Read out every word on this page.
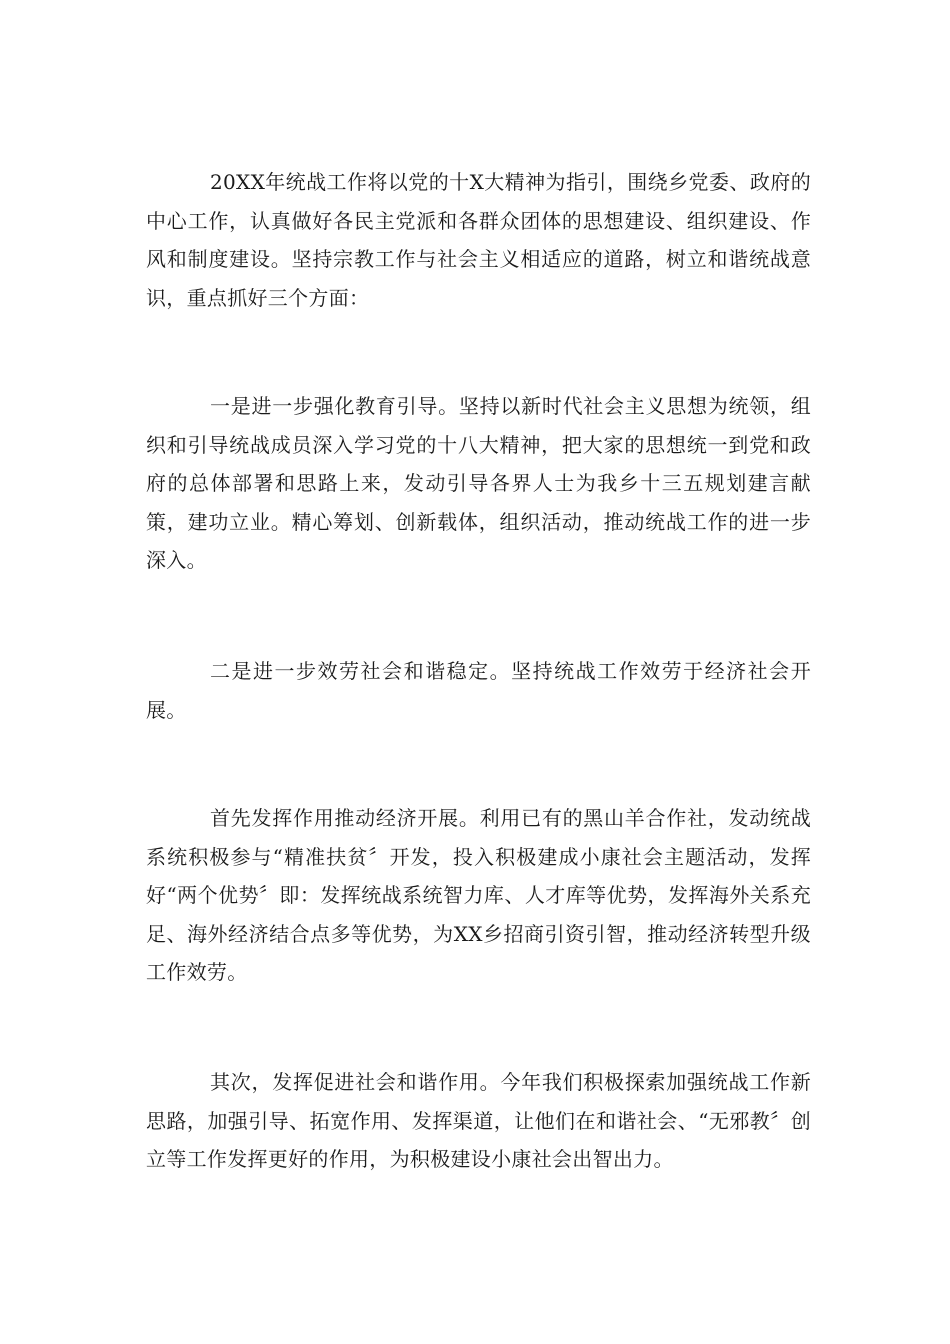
20XX年统战工作将以党的十X大精神为指引，围绕乡党委、政府的中心工作，认真做好各民主党派和各群众团体的思想建设、组织建设、作风和制度建设。坚持宗教工作与社会主义相适应的道路，树立和谐统战意识，重点抓好三个方面：

一是进一步强化教育引导。坚持以新时代社会主义思想为统领，组织和引导统战成员深入学习党的十八大精神，把大家的思想统一到党和政府的总体部署和思路上来，发动引导各界人士为我乡十三五规划建言献策，建功立业。精心筹划、创新载体，组织活动，推动统战工作的进一步深入。

二是进一步效劳社会和谐稳定。坚持统战工作效劳于经济社会开展。

首先发挥作用推动经济开展。利用已有的黑山羊合作社，发动统战系统积极参与“精准扶贫〞开发，投入积极建成小康社会主题活动，发挥好“两个优势〞即：发挥统战系统智力库、人才库等优势，发挥海外关系充足、海外经济结合点多等优势，为XX乡招商引资引智，推动经济转型升级工作效劳。

其次，发挥促进社会和谐作用。今年我们积极探索加强统战工作新思路，加强引导、拓宽作用、发挥渠道，让他们在和谐社会、“无邪教〞创立等工作发挥更好的作用，为积极建设小康社会出智出力。
